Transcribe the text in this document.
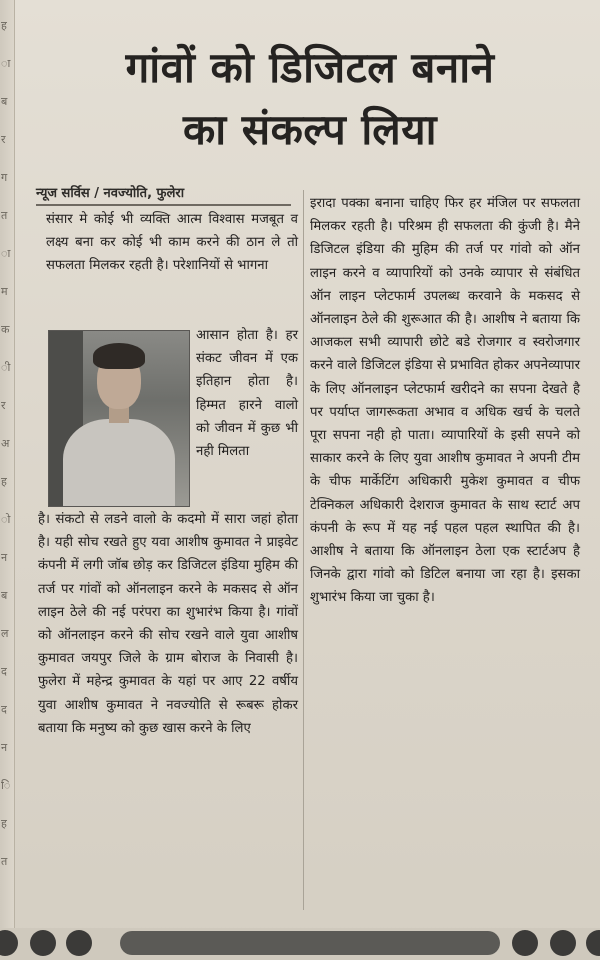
ह
ा
ब
र
ग
त
ा
म
क
ी
र
अ
ह
ो
न
ब
ल
द
द
न
ि
ह
त
गांवों को डिजिटल बनाने
का संकल्प लिया
न्यूज सर्विस / नवज्योति, फुलेरा

संसार मे कोई भी व्यक्ति आत्म विश्वास मजबूत व लक्ष्य बना कर कोई भी काम करने की ठान ले तो सफलता मिलकर रहती है। परेशानियों से भागना

आसान होता है। हर संकट जीवन में एक इतिहान होता है। हिम्मत हारने वालो को जीवन में कुछ भी नही मिलता

है। संकटो से लडने वालो के कदमो में सारा जहां होता है। यही सोच रखते हुए यवा आशीष कुमावत ने प्राइवेट कंपनी में लगी जॉब छोड़ कर डिजिटल इंडिया मुहिम की तर्ज पर गांवों को ऑनलाइन करने के मकसद से ऑन लाइन ठेले की नई परंपरा का शुभारंभ किया है। गांवों को ऑनलाइन करने की सोच रखने वाले युवा आशीष कुमावत जयपुर जिले के ग्राम बोराज के निवासी है। फुलेरा में महेन्द्र कुमावत के यहां पर आए 22 वर्षीय युवा आशीष कुमावत ने नवज्योति से रूबरू होकर बताया कि मनुष्य को कुछ खास करने के लिए

इरादा पक्का बनाना चाहिए फिर हर मंजिल पर सफलता मिलकर रहती है। परिश्रम ही सफलता की कुंजी है। मैने डिजिटल इंडिया की मुहिम की तर्ज पर गांवो को ऑन लाइन करने व व्यापारियों को उनके व्यापार से संबंधित ऑन लाइन प्लेटफार्म उपलब्ध करवाने के मकसद से ऑनलाइन ठेले की शुरूआत की है। आशीष ने बताया कि आजकल सभी व्यापारी छोटे बडे रोजगार व स्वरोजगार करने वाले डिजिटल इंडिया से प्रभावित होकर अपनेव्यापार के लिए ऑनलाइन प्लेटफार्म खरीदने का सपना देखते है पर पर्याप्त जागरूकता अभाव व अधिक खर्च के चलते पूरा सपना नही हो पाता। व्यापारियों के इसी सपने को साकार करने के लिए युवा आशीष कुमावत ने अपनी टीम के चीफ मार्केटिंग अधिकारी मुकेश कुमावत व चीफ टेक्निकल अधिकारी देशराज कुमावत के साथ स्टार्ट अप कंपनी के रूप में यह नई पहल पहल स्थापित की है। आशीष ने बताया कि ऑनलाइन ठेला एक स्टार्टअप है जिनके द्वारा गांवो को डिटिल बनाया जा रहा है। इसका शुभारंभ किया जा चुका है।
